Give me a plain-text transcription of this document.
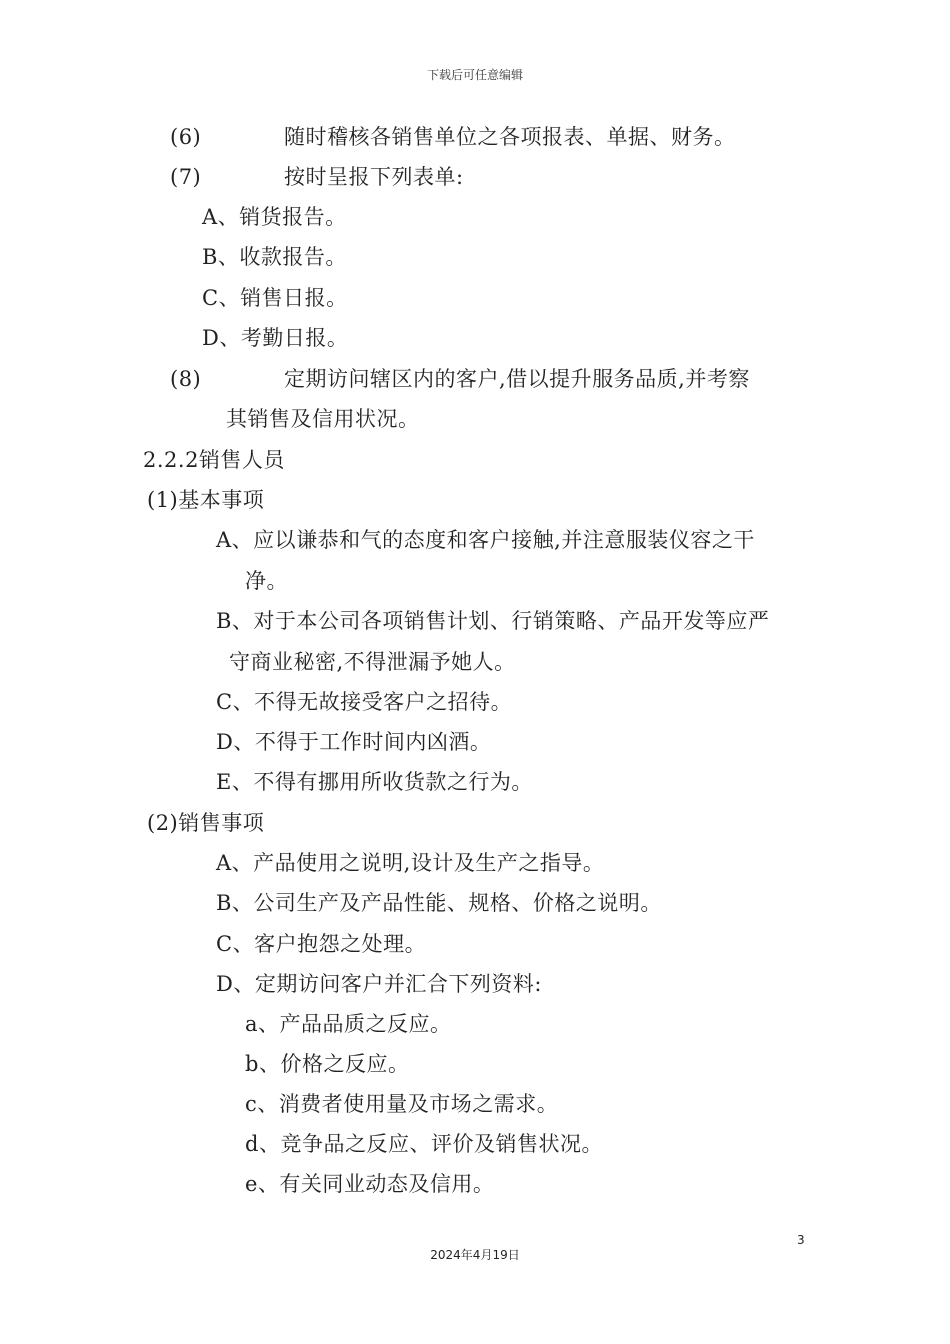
下载后可任意编辑
(6)	随时稽核各销售单位之各项报表、单据、财务。
(7)	按时呈报下列表单:
A、销货报告。
B、收款报告。
C、销售日报。
D、考勤日报。
(8)	定期访问辖区内的客户,借以提升服务品质,并考察
其销售及信用状况。
2.2.2销售人员
(1)基本事项
A、应以谦恭和气的态度和客户接触,并注意服装仪容之干
净。
B、对于本公司各项销售计划、行销策略、产品开发等应严
守商业秘密,不得泄漏予她人。
C、不得无故接受客户之招待。
D、不得于工作时间内凶酒。
E、不得有挪用所收货款之行为。
(2)销售事项
A、产品使用之说明,设计及生产之指导。
B、公司生产及产品性能、规格、价格之说明。
C、客户抱怨之处理。
D、定期访问客户并汇合下列资料:
a、产品品质之反应。
b、价格之反应。
c、消费者使用量及市场之需求。
d、竞争品之反应、评价及销售状况。
e、有关同业动态及信用。
3
2024年4月19日
